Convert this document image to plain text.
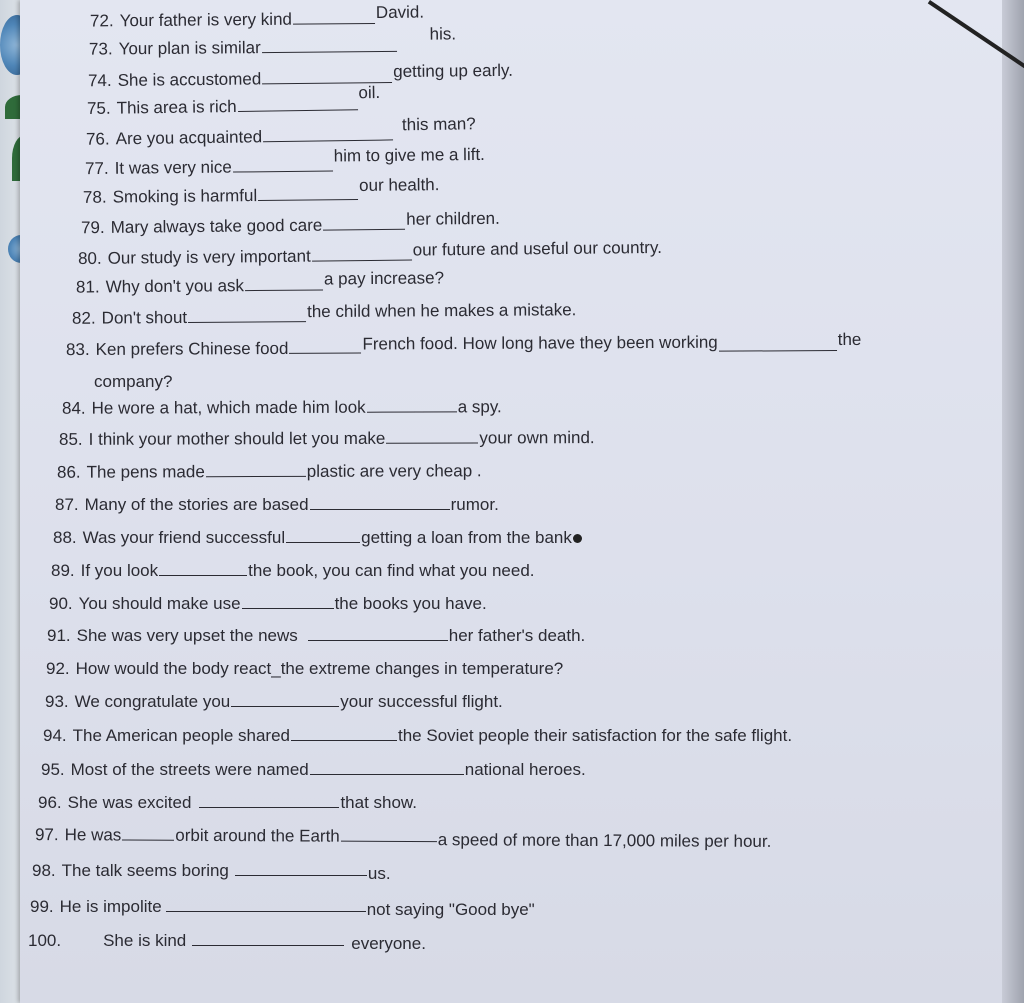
72. Your father is very kind	David.
73. Your plan is similarhis.
74. She is accustomed	getting up early.
75. This area is richoil.
76. Are you acquaintedthis man?
77. It was very nicehim to give me a lift.
78. Smoking is harmfulour health.
79. Mary always take good care	her children.
80. Our study is very important	our future and useful our country.
81. Why don't you ask	a pay increase?
82. Don't shout	the child when he makes a mistake.
83. Ken prefers Chinese food	French food. How long have they been working	the
company?
84. He wore a hat, which made him look	a spy.
85. I think your mother should let you make	your own mind.
86. The pens made	plastic are very cheap .
87. Many of the stories are based	rumor.
88. Was your friend successful	getting a loan from the bank
89. If you look	the book, you can find what you need.
90. You should make use	the books you have.
91. She was very upset the news	her father's death.
92. How would the body react_the extreme changes in temperature?
93. We congratulate you	your successful flight.
94. The American people shared	the Soviet people their satisfaction for the safe flight.
95. Most of the streets were named	national heroes.
96. She was excited	that show.
97. He was	orbit around the Earth	a speed of more than 17,000 miles per hour.
98. The talk seems boring	us.
99. He is impolite	not saying "Good bye"
100. She is kind	everyone.
